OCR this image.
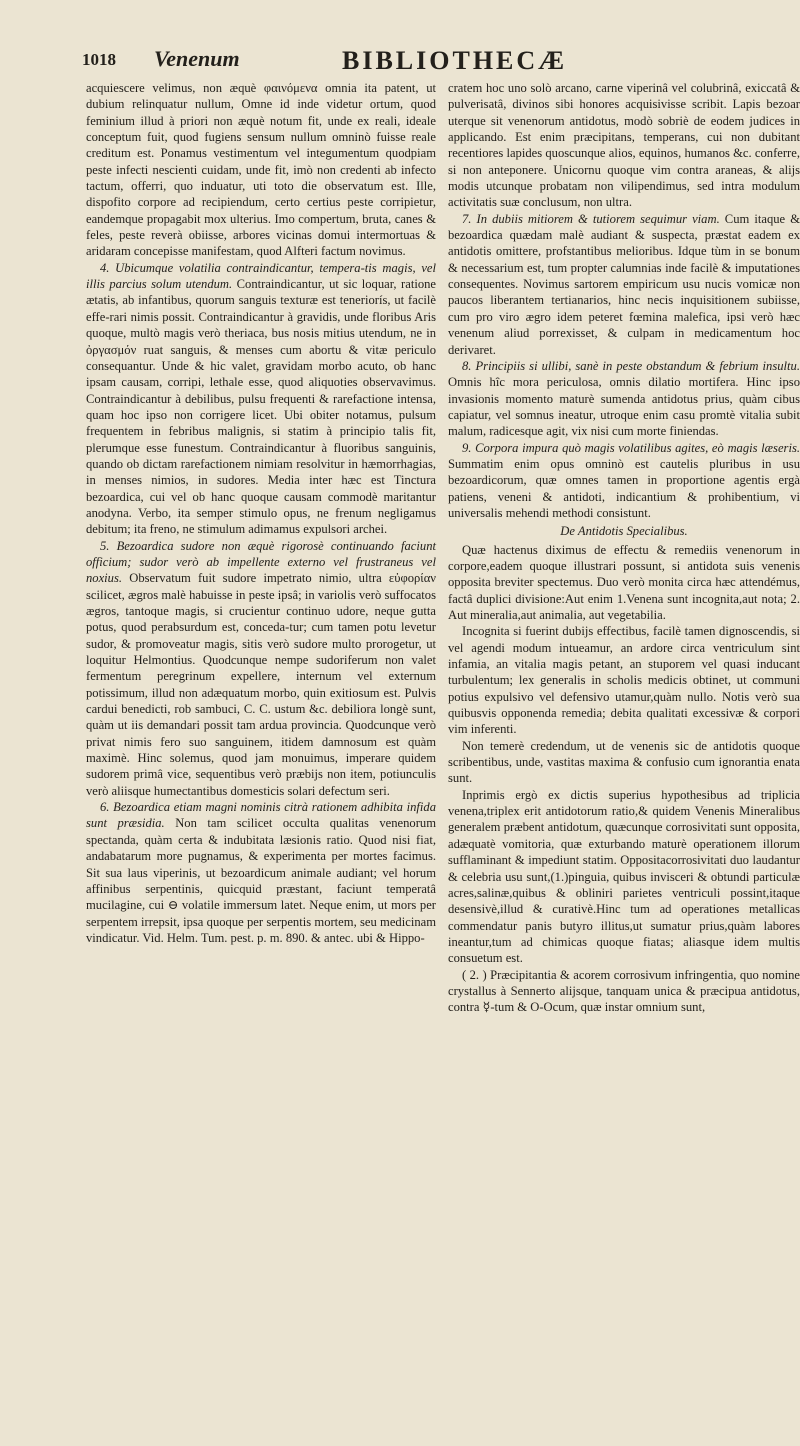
1018 Venenum	BIBLIOTHECÆ

acquiescere velimus, non æquè φαινόμενα omnia ita patent, ut dubium relinquatur nullum, Omne id inde videtur ortum, quod feminium illud à priori non æquè notum fit, unde ex reali, ideale conceptum fuit, quod fugiens sensum nullum omninò fuisse reale creditum est. Ponamus vestimentum vel integumentum quodpiam peste infecti nescienti cuidam, unde fit, imò non credenti ab infecto tactum, offerri, quo induatur, uti toto die observatum est. Ille, dispofito corpore ad recipiendum, certo certius peste corripietur, eandemque propagabit mox ulterius. Imo compertum, bruta, canes & feles, peste reverà obiisse, arbores vicinas domui intermortuas & aridaram concepisse manifestam, quod Alfteri factum novimus.

4. Ubicumque volatilia contraindicantur, tempera-tis magis, vel illis parcius solum utendum. Contraindicantur, ut sic loquar, ratione ætatis, ab infantibus, quorum sanguis texturæ est teneriorís, ut facilè effe-rari nimis possit. Contraindicantur à gravidis, unde floribus Aris quoque, multò magis verò theriaca, bus nosis mitius utendum, ne in ὀργασμόν ruat sanguis, & menses cum abortu & vitæ periculo consequantur. Unde & hic valet, gravidam morbo acuto, ob hanc ipsam causam, corripi, lethale esse, quod aliquoties observavimus. Contraindicantur à debilibus, pulsu frequenti & rarefactione intensa, quam hoc ipso non corrigere licet. Ubi obiter notamus, pulsum frequentem in febribus malignis, si statim à principio talis fit, plerumque esse funestum. Contraindicantur à fluoribus sanguinis, quando ob dictam rarefactionem nimiam resolvitur in hæmorrhagias, in menses nimios, in sudores. Media inter hæc est Tinctura bezoardica, cui vel ob hanc quoque causam commodè maritantur anodyna. Verbo, ita semper stimulo opus, ne frenum negligamus debitum; ita freno, ne stimulum adimamus expulsori archei.

5. Bezoardica sudore non æquè rigorosè continuando faciunt officium; sudor verò ab impellente externo vel frustraneus vel noxius. Observatum fuit sudore impetrato nimio, ultra εὐφορίαν scilicet, ægros malè habuisse in peste ipsâ; in variolis verò suffocatos ægros, tantoque magis, si crucientur continuo udore, neque gutta potus, quod perabsurdum est, conceda-tur; cum tamen potu levetur sudor, & promoveatur magis, sitis verò sudore multo prorogetur, ut loquitur Helmontius. Quodcunque nempe sudoriferum non valet fermentum peregrinum expellere, internum vel externum potissimum, illud non adæquatum morbo, quin exitiosum est. Pulvis cardui benedicti, rob sambuci, C. C. ustum &c. debiliora longè sunt, quàm ut iis demandari possit tam ardua provincia. Quodcunque verò privat nimis fero suo sanguinem, itidem damnosum est quàm maximè. Hinc solemus, quod jam monuimus, imperare quidem sudorem primâ vice, sequentibus verò præbijs non item, potiunculis verò aliisque humectantibus domesticis solari defectum seri.

6. Bezoardica etiam magni nominis citrà rationem adhibita infida sunt præsidia. Non tam scilicet occulta qualitas venenorum spectanda, quàm certa & indubitata læsionis ratio. Quod nisi fiat, andabatarum more pugnamus, & experimenta per mortes facimus. Sit sua laus viperinis, ut bezoardicum animale audiant; vel horum affinibus serpentinis, quicquid præstant, faciunt temperatâ mucilagine, cui ⊖ volatile immersum latet. Neque enim, ut mors per serpentem irrepsit, ipsa quoque per serpentis mortem, seu medicinam vindicatur. Vid. Helm. Tum. pest. p. m. 890. & antec. ubi & Hippo-

cratem hoc uno solò arcano, carne viperinâ vel colubrinâ, exiccatâ & pulverisatâ, divinos sibi honores acquisivisse scribit. Lapis bezoar uterque sit venenorum antidotus, modò sobriè de eodem judices in applicando. Est enim præcipitans, temperans, cui non dubitant recentiores lapides quoscunque alios, equinos, humanos &c. conferre, si non anteponere. Unicornu quoque vim contra araneas, & alijs modis utcunque probatam non vilipendimus, sed intra modulum activitatis suæ conclusum, non ultra.

7. In dubiis mitiorem & tutiorem sequimur viam. Cum itaque & bezoardica quædam malè audiant & suspecta, præstat eadem ex antidotis omittere, profstantibus melioribus. Idque tùm in se bonum & necessarium est, tum propter calumnias inde facilè & imputationes consequentes. Novimus sartorem empiricum usu nucis vomicæ non paucos liberantem tertianarios, hinc necis inquisitionem subiisse, cum pro viro ægro idem peteret fœmina malefica, ipsi verò hæc venenum aliud porrexisset, & culpam in medicamentum hoc derivaret.

8. Principiis si ullibi, sanè in peste obstandum & febrium insultu. Omnis hîc mora periculosa, omnis dilatio mortifera. Hinc ipso invasionis momento maturè sumenda antidotus prius, quàm cibus capiatur, vel somnus ineatur, utroque enim casu promtè vitalia subit malum, radicesque agit, vix nisi cum morte finiendas.

9. Corpora impura quò magis volatilibus agites, eò magis læseris. Summatim enim opus omninò est cautelis pluribus in usu bezoardicorum, quæ omnes tamen in proportione agentis ergà patiens, veneni & antidoti, indicantium & prohibentium, vi universalis mehendi methodi consistunt.

De Antidotis Specialibus.

Quæ hactenus diximus de effectu & remediis venenorum in corpore,eadem quoque illustrari possunt, si antidota suis venenis opposita breviter spectemus. Duo verò monita circa hæc attendémus, factâ duplici divisione:Aut enim 1.Venena sunt incognita,aut nota; 2. Aut mineralia,aut animalia, aut vegetabilia.

Incognita si fuerint dubijs effectibus, facilè tamen dignoscendis, si vel agendi modum intueamur, an ardore circa ventriculum sint infamia, an vitalia magis petant, an stuporem vel quasi inducant turbulentum; lex generalis in scholis medicis obtinet, ut communi potius expulsivo vel defensivo utamur,quàm nullo. Notis verò sua quibusvis opponenda remedia; debita qualitati excessivæ & corpori vim inferenti.

Non temerè credendum, ut de venenis sic de antidotis quoque scribentibus, unde, vastitas maxima & confusio cum ignorantia enata sunt.

Inprimis ergò ex dictis superius hypothesibus ad triplicia venena,triplex erit antidotorum ratio,& quidem Venenis Mineralibus generalem præbent antidotum, quæcunque corrosivitati sunt opposita, adæquatè vomitoria, quæ exturbando maturè operationem illorum sufflaminant & impediunt statim. Oppositacorrosivitati duo laudantur & celebria usu sunt,(1.)pinguia, quibus invisceri & obtundi particulæ acres,salinæ,quibus & obliniri parietes ventriculi possint,itaque desensivè,illud & curativè.Hinc tum ad operationes metallicas commendatur panis butyro illitus,ut sumatur prius,quàm labores ineantur,tum ad chimicas quoque fiatas; aliasque idem multis consuetum est.

( 2. ) Præcipitantia & acorem corrosivum infringentia, quo nomine crystallus à Sennerto alijsque, tanquam unica & præcipua antidotus, contra ☿-tum & O-Ocum, quæ instar omnium sunt,
